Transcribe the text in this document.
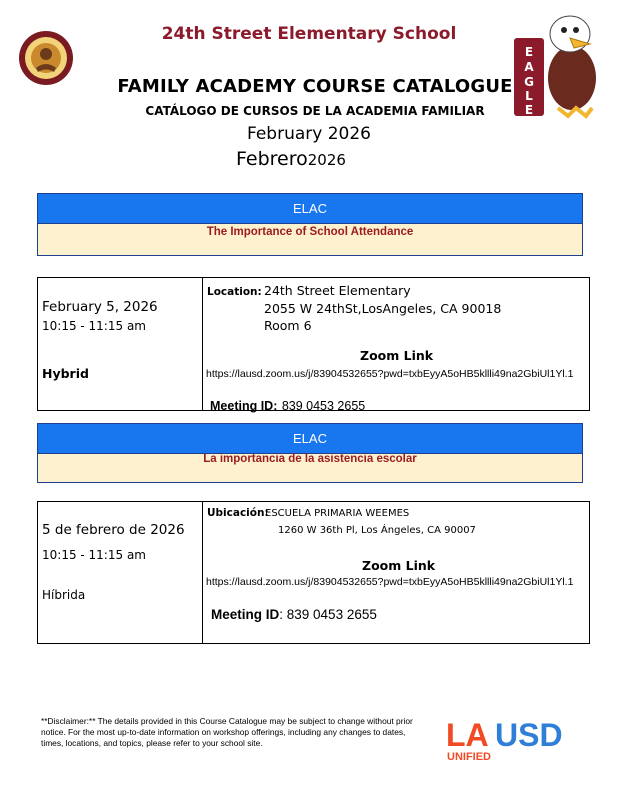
24th Street Elementary School
E
A
G
L
E
FAMILY ACADEMY COURSE CATALOGUE
CATÁLOGO DE CURSOS DE LA ACADEMIA FAMILIAR
February 2026
Febrero2026
ELAC
The Importance of School Attendance
February 5, 2026
10:15 - 11:15 am
Hybrid
Location: 24th Street Elementary
2055 W 24thSt,LosAngeles, CA 90018
Room 6
Zoom Link
https://lausd.zoom.us/j/83904532655?pwd=txbEyyA5oHB5kllli49na2GbiUl1Yl.1
Meeting ID: 839 0453 2655
ELAC
La importancia de la asistencia escolar
5 de febrero de 2026
10:15 - 11:15 am
Híbrida
Ubicación:
ESCUELA PRIMARIA WEEMES
1260 W 36th Pl, Los Ángeles, CA 90007
Zoom Link
https://lausd.zoom.us/j/83904532655?pwd=txbEyyA5oHB5kllli49na2GbiUl1Yl.1
Meeting ID: 839 0453 2655
**Disclaimer:** The details provided in this Course Catalogue may be subject to change without prior notice. For the most up-to-date information on workshop offerings, including any changes to dates, times, locations, and topics, please refer to your school site.	LA USD
UNIFIED
